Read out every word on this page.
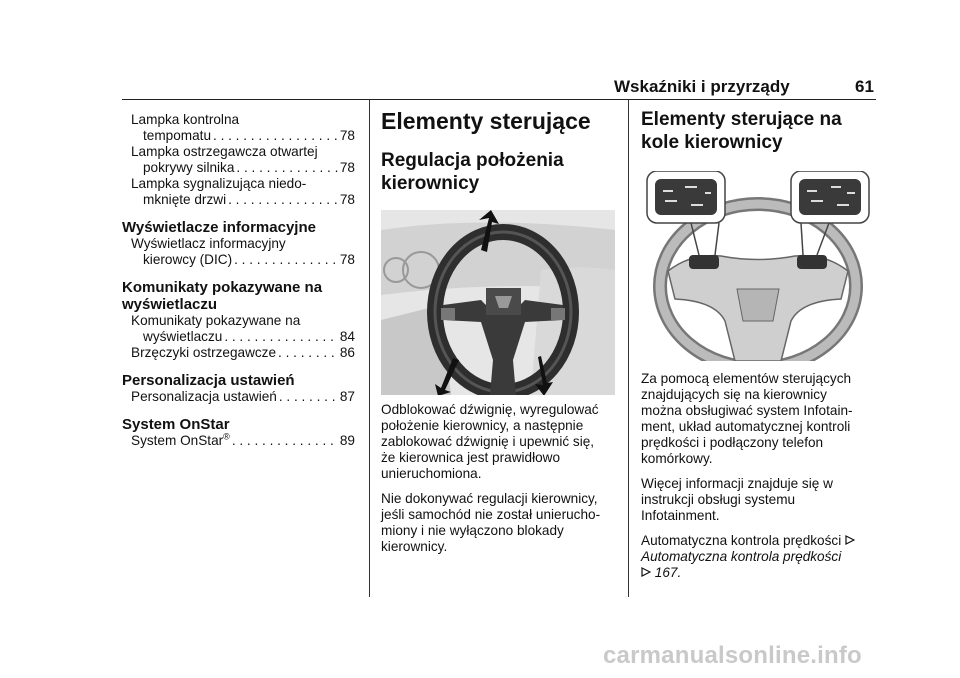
Wskaźniki i przyrządy	61
Lampka kontrolna
tempomatu . . .	78
Lampka ostrzegawcza otwartej
pokrywy silnika . . .	78
Lampka sygnalizująca niedo-
mknięte drzwi . . .	78
Wyświetlacze informacyjne
Wyświetlacz informacyjny
kierowcy (DIC) . . .	78
Komunikaty pokazywane na
wyświetlaczu
Komunikaty pokazywane na
wyświetlaczu . . .	84
Brzęczyki ostrzegawcze . . .	86
Personalizacja ustawień
Personalizacja ustawień . . .	87
System OnStar
System OnStar® . . .	89
Elementy sterujące
Regulacja położenia
kierownicy
Odblokować dźwignię, wyregulować
położenie kierownicy, a następnie
zablokować dźwignię i upewnić się,
że kierownica jest prawidłowo
unieruchomiona.
Nie dokonywać regulacji kierownicy,
jeśli samochód nie został unierucho-
miony i nie wyłączono blokady
kierownicy.
Elementy sterujące na
kole kierownicy
Za pomocą elementów sterujących
znajdujących się na kierownicy
można obsługiwać system Infotain-
ment, układ automatycznej kontroli
prędkości i podłączony telefon
komórkowy.
Więcej informacji znajduje się w
instrukcji obsługi systemu
Infotainment.
Automatyczna kontrola prędkości
Automatyczna kontrola prędkości
167.
carmanualsonline.info
